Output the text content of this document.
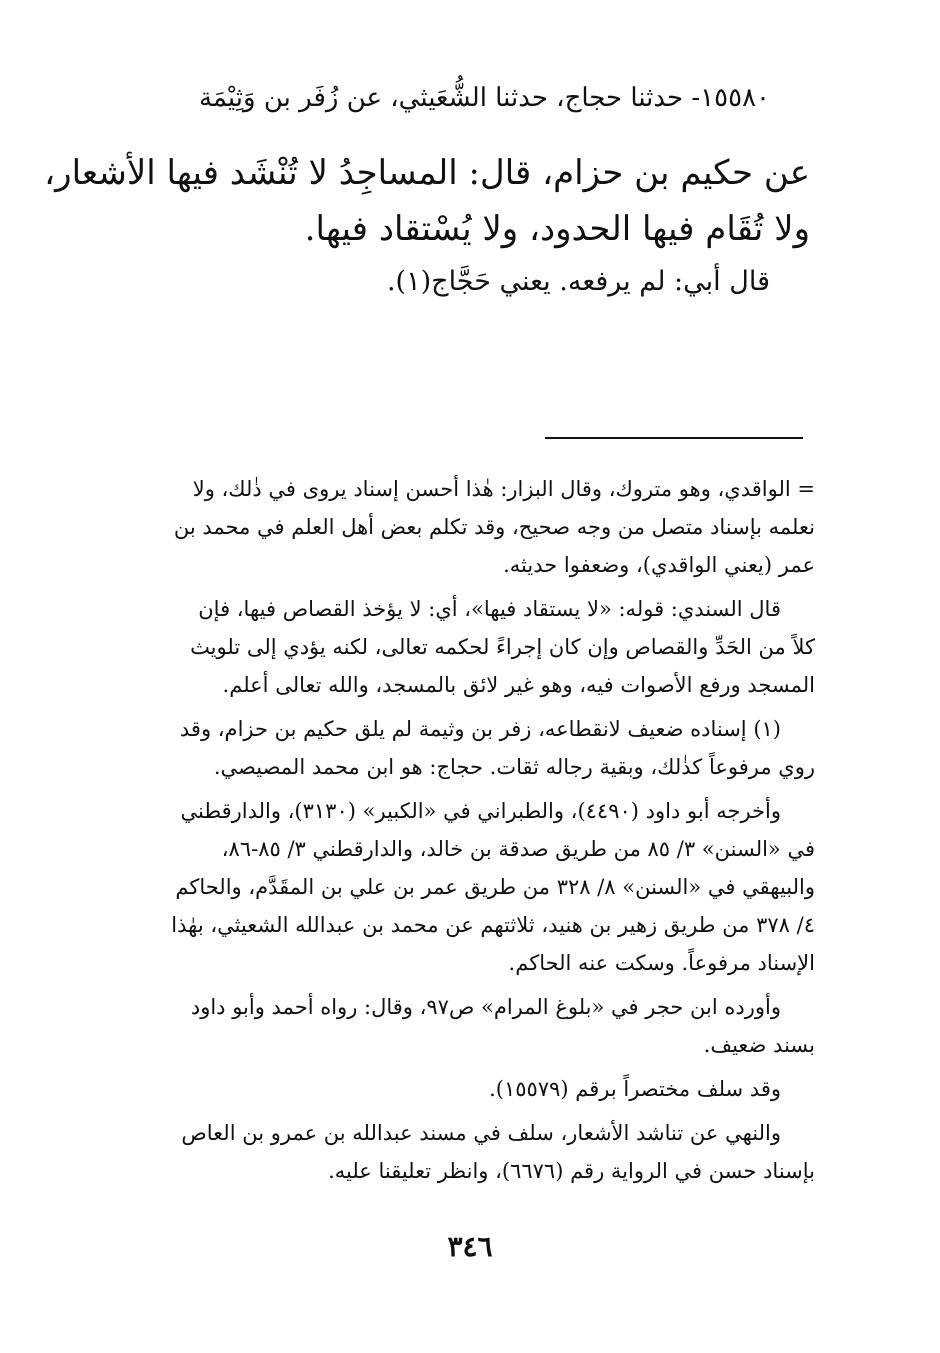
١٥٥٨٠- حدثنا حجاج، حدثنا الشُّعَيثي، عن زُفَر بن وَثِيْمَة
عن حكيم بن حزام، قال: المساجِدُ لا تُنْشَد فيها الأشعار،
ولا تُقَام فيها الحدود، ولا يُسْتقاد فيها.
قال أبي: لم يرفعه. يعني حَجَّاج(١).
= الواقدي، وهو متروك، وقال البزار: هٰذا أحسن إسناد يروى في ذٰلك، ولا
نعلمه بإسناد متصل من وجه صحيح، وقد تكلم بعض أهل العلم في محمد بن
عمر (يعني الواقدي)، وضعفوا حديثه.
قال السندي: قوله: «لا يستقاد فيها»، أي: لا يؤخذ القصاص فيها، فإن
كلاً من الحَدِّ والقصاص وإن كان إجراءً لحكمه تعالى، لكنه يؤدي إلى تلويث
المسجد ورفع الأصوات فيه، وهو غير لائق بالمسجد، والله تعالى أعلم.
(١) إسناده ضعيف لانقطاعه، زفر بن وثيمة لم يلق حكيم بن حزام، وقد
روي مرفوعاً كذٰلك، وبقية رجاله ثقات. حجاج: هو ابن محمد المصيصي.
وأخرجه أبو داود (٤٤٩٠)، والطبراني في «الكبير» (٣١٣٠)، والدارقطني
في «السنن» ٣/ ٨٥ من طريق صدقة بن خالد، والدارقطني ٣/ ٨٥-٨٦،
والبيهقي في «السنن» ٨/ ٣٢٨ من طريق عمر بن علي بن المقَدَّم، والحاكم
٤/ ٣٧٨ من طريق زهير بن هنيد، ثلاثتهم عن محمد بن عبدالله الشعيثي، بهٰذا
الإسناد مرفوعاً. وسكت عنه الحاكم.
وأورده ابن حجر في «بلوغ المرام» ص٩٧، وقال: رواه أحمد وأبو داود
بسند ضعيف.
وقد سلف مختصراً برقم (١٥٥٧٩).
والنهي عن تناشد الأشعار، سلف في مسند عبدالله بن عمرو بن العاص
بإسناد حسن في الرواية رقم (٦٦٧٦)، وانظر تعليقنا عليه.
٣٤٦
